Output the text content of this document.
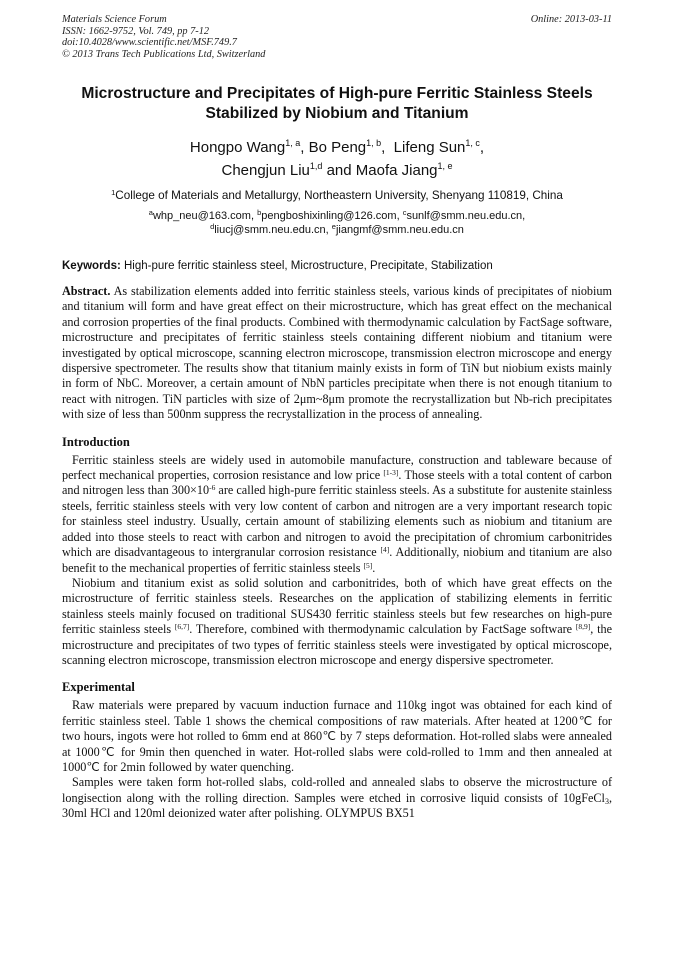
Materials Science Forum
ISSN: 1662-9752, Vol. 749, pp 7-12
doi:10.4028/www.scientific.net/MSF.749.7
© 2013 Trans Tech Publications Ltd, Switzerland
Online: 2013-03-11
Microstructure and Precipitates of High-pure Ferritic Stainless Steels
Stabilized by Niobium and Titanium
Hongpo Wang$^{1, a}$, Bo Peng$^{1, b}$,  Lifeng Sun$^{1, c}$,
Chengjun Liu$^{1,d}$ and Maofa Jiang$^{1, e}$
$^1$College of Materials and Metallurgy, Northeastern University, Shenyang 110819, China
$^a$whp_neu@163.com, $^b$pengboshixinling@126.com, $^c$sunlf@smm.neu.edu.cn,
$^d$liucj@smm.neu.edu.cn, $^e$jiangmf@smm.neu.edu.cn
Keywords: High-pure ferritic stainless steel, Microstructure, Precipitate, Stabilization

Abstract. As stabilization elements added into ferritic stainless steels, various kinds of precipitates of niobium and titanium will form and have great effect on their microstructure, which has great effect on the mechanical and corrosion properties of the final products. Combined with thermodynamic calculation by FactSage software, microstructure and precipitates of ferritic stainless steels containing different niobium and titanium were investigated by optical microscope, scanning electron microscope, transmission electron microscope and energy dispersive spectrometer. The results show that titanium mainly exists in form of TiN but niobium exists mainly in form of NbC. Moreover, a certain amount of NbN particles precipitate when there is not enough titanium to react with nitrogen. TiN particles with size of 2μm~8μm promote the recrystallization but Nb-rich precipitates with size of less than 500nm suppress the recrystallization in the process of annealing.

Introduction

Ferritic stainless steels are widely used in automobile manufacture, construction and tableware because of perfect mechanical properties, corrosion resistance and low price [1-3]. Those steels with a total content of carbon and nitrogen less than 300×10$^{-6}$ are called high-pure ferritic stainless steels. As a substitute for austenite stainless steels, ferritic stainless steels with very low content of carbon and nitrogen are a very important research topic for stainless steel industry. Usually, certain amount of stabilizing elements such as niobium and titanium are added into those steels to react with carbon and nitrogen to avoid the precipitation of chromium carbonitrides which are disadvantageous to intergranular corrosion resistance [4]. Additionally, niobium and titanium are also benefit to the mechanical properties of ferritic stainless steels [5].

Niobium and titanium exist as solid solution and carbonitrides, both of which have great effects on the microstructure of ferritic stainless steels. Researches on the application of stabilizing elements in ferritic stainless steels mainly focused on traditional SUS430 ferritic stainless steels but few researches on high-pure ferritic stainless steels [6,7]. Therefore, combined with thermodynamic calculation by FactSage software [8,9], the microstructure and precipitates of two types of ferritic stainless steels were investigated by optical microscope, scanning electron microscope, transmission electron microscope and energy dispersive spectrometer.

Experimental

Raw materials were prepared by vacuum induction furnace and 110kg ingot was obtained for each kind of ferritic stainless steel. Table 1 shows the chemical compositions of raw materials. After heated at 1200℃ for two hours, ingots were hot rolled to 6mm end at 860℃ by 7 steps deformation. Hot-rolled slabs were annealed at 1000℃ for 9min then quenched in water. Hot-rolled slabs were cold-rolled to 1mm and then annealed at 1000℃ for 2min followed by water quenching.

Samples were taken form hot-rolled slabs, cold-rolled and annealed slabs to observe the microstructure of longisection along with the rolling direction. Samples were etched in corrosive liquid consists of 10gFeCl$_3$, 30ml HCl and 120ml deionized water after polishing. OLYMPUS BX51
